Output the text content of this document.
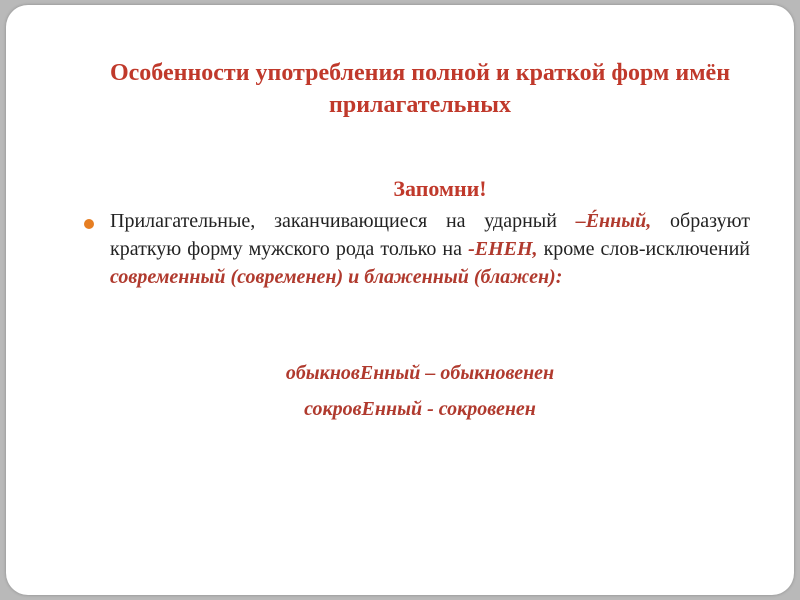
Особенности употребления полной и краткой форм имён прилагательных
Запомни!
Прилагательные, заканчивающиеся на ударный –Éнный, образуют краткую форму мужского рода только на -ЕНЕН, кроме слов-исключений современный (современен) и блаженный (блажен):
обыкновЕнный – обыкновенен
сокровЕнный - сокровенен
